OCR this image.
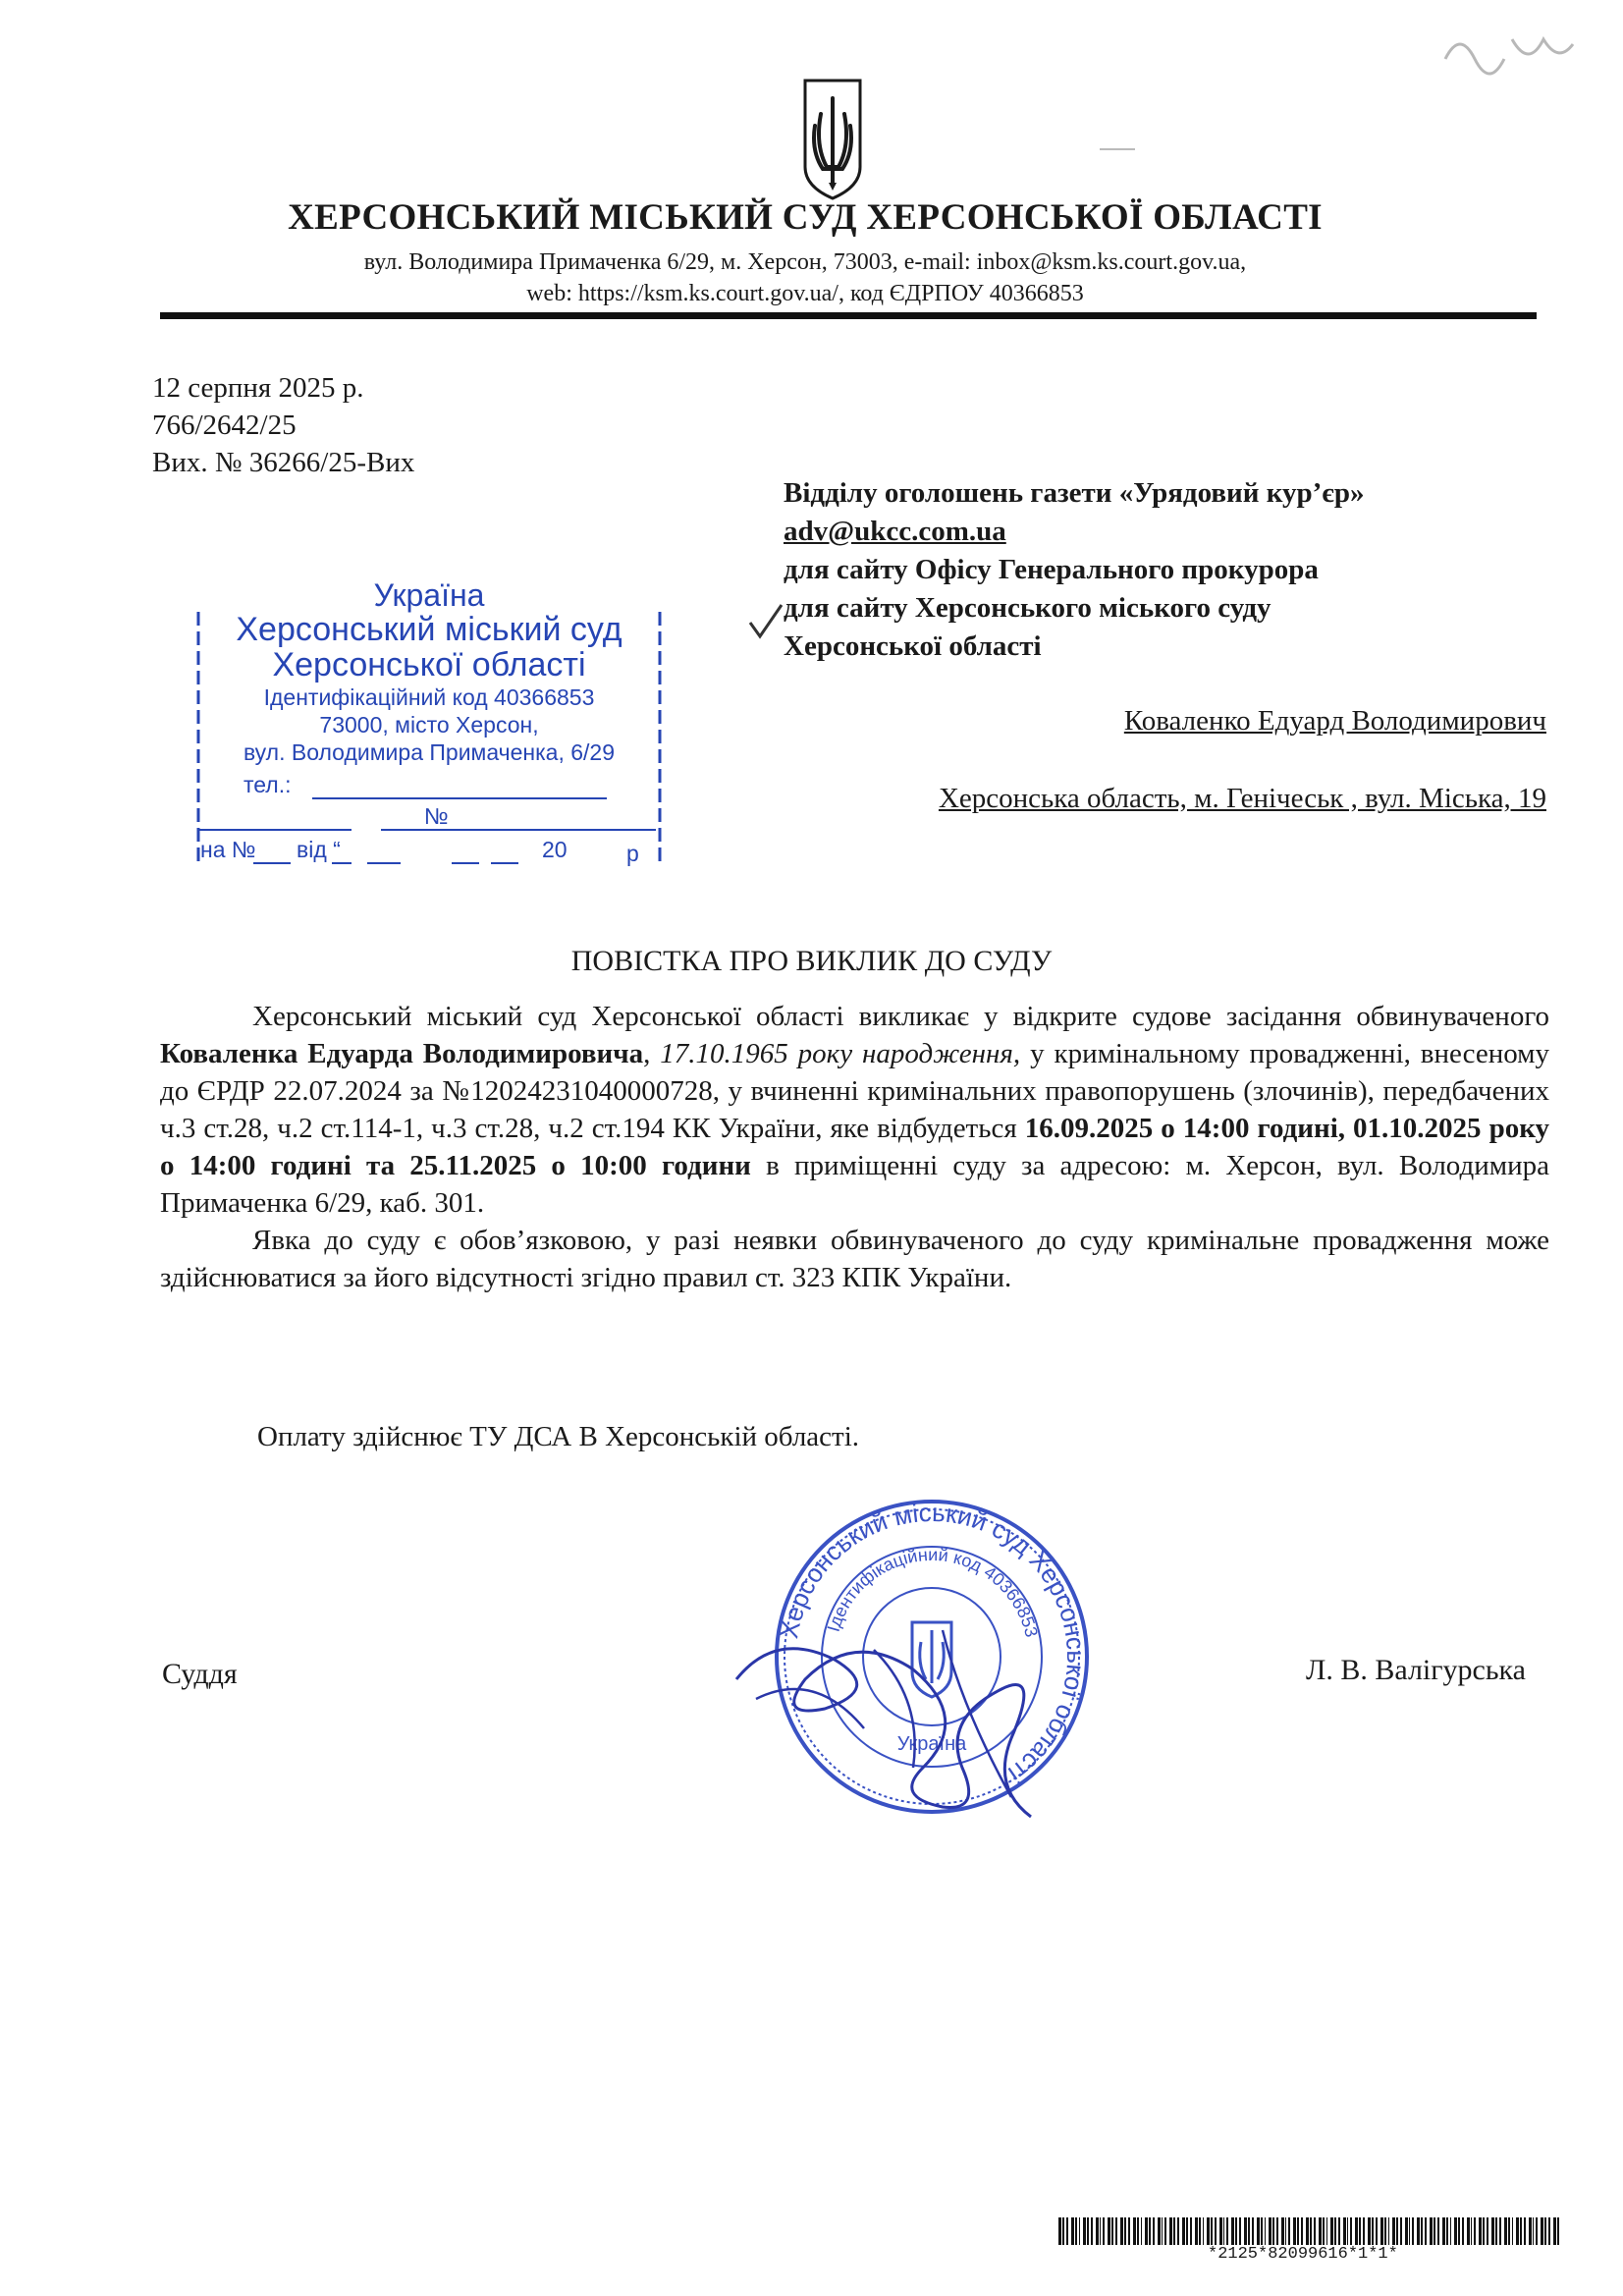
ХЕРСОНСЬКИЙ МІСЬКИЙ СУД ХЕРСОНСЬКОЇ ОБЛАСТІ
вул. Володимира Примаченка 6/29, м. Херсон, 73003, e-mail: inbox@ksm.ks.court.gov.ua,
web: https://ksm.ks.court.gov.ua/, код ЄДРПОУ 40366853
12 серпня 2025 р.
766/2642/25
Вих. № 36266/25-Вих
Відділу оголошень газети «Урядовий кур’єр»
adv@ukcc.com.ua
для сайту Офісу Генерального прокурора
для сайту Херсонського міського суду
Херсонської області
Коваленко Едуард Володимирович
Херсонська область, м. Генічеськ , вул. Міська, 19
Україна
Херсонський міський суд
Херсонської області
Ідентифікаційний код 40366853
73000, місто Херсон,
вул. Володимира Примаченка, 6/29
тел.:
№
на № від “	20	р
ПОВІСТКА ПРО ВИКЛИК ДО СУДУ

Херсонський міський суд Херсонської області викликає у відкрите судове засідання обвинуваченого Коваленка Едуарда Володимировича, 17.10.1965 року народження, у кримінальному провадженні, внесеному до ЄРДР 22.07.2024 за №12024231040000728, у вчиненні кримінальних правопорушень (злочинів), передбачених ч.3 ст.28, ч.2 ст.114-1, ч.3 ст.28, ч.2 ст.194 КК України, яке відбудеться 16.09.2025 о 14:00 годині, 01.10.2025 року о 14:00 годині та 25.11.2025 о 10:00 години в приміщенні суду за адресою: м. Херсон, вул. Володимира Примаченка 6/29, каб. 301.

Явка до суду є обов’язковою, у разі неявки обвинуваченого до суду кримінальне провадження може здійснюватися за його відсутності згідно правил ст. 323 КПК України.

Оплату здійснює ТУ ДСА В Херсонській області.
Херсонський міський суд Херсонської області
Ідентифікаційний код 40366853
Україна
Суддя	Л. В. Валігурська
*2125*82099616*1*1*
